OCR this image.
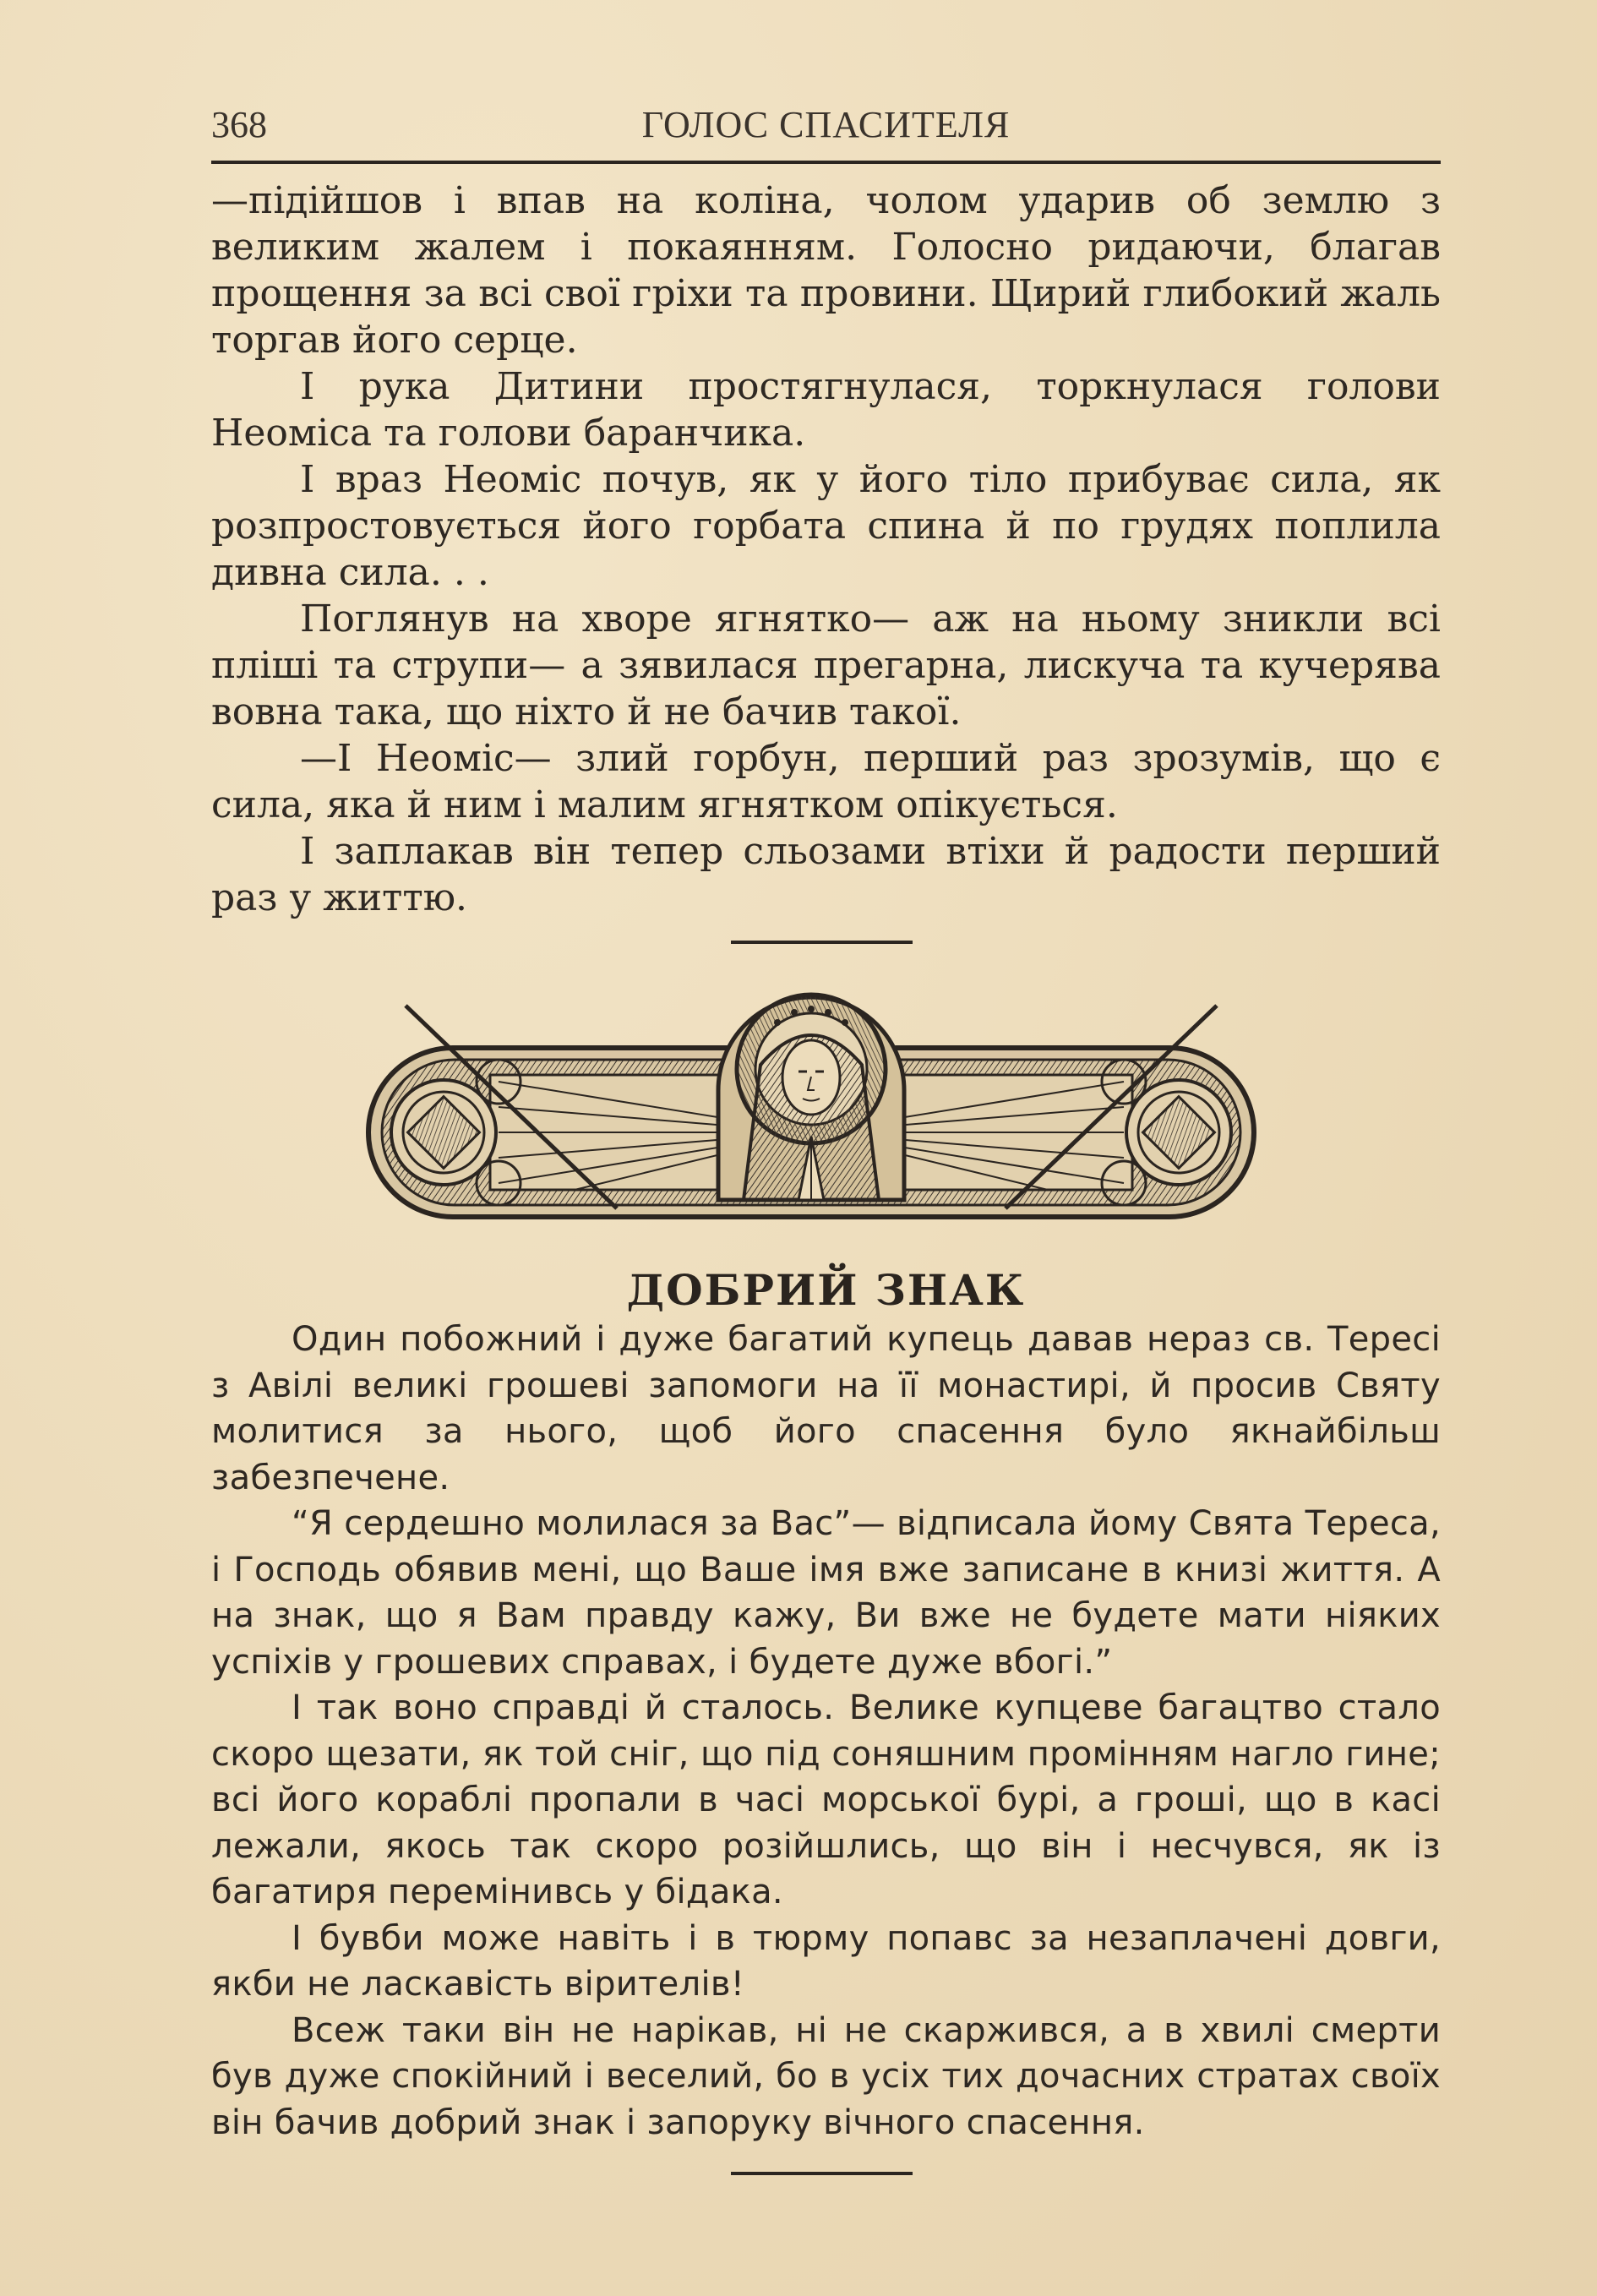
368	ГОЛОС СПАСИТЕЛЯ

—підійшов і впав на коліна, чолом ударив об землю з великим жалем і покаянням. Голосно ридаючи, благав прощення за всі свої гріхи та провини. Щирий глибокий жаль торгав його серце.

І рука Дитини простягнулася, торкнулася голови Неоміса та голови баранчика.

І враз Неоміс почув, як у його тіло прибуває сила, як розпростовується його горбата спина й по грудях поплила дивна сила. . .

Поглянув на хворе ягнятко— аж на ньому зникли всі пліші та струпи— а зявилася прегарна, лискуча та кучерява вовна така, що ніхто й не бачив такої.

—І Неоміс— злий горбун, перший раз зрозумів, що є сила, яка й ним і малим ягнятком опікується.

І заплакав він тепер сльозами втіхи й радости перший раз у життю.

ДОБРИЙ ЗНАК

Один побожний і дуже багатий купець давав нераз св. Тересі з Авілі великі грошеві запомоги на її монастирі, й просив Святу молитися за нього, щоб його спасення було якнайбільш забезпечене.

“Я сердешно молилася за Вас”— відписала йому Свята Тереса, і Господь обявив мені, що Ваше імя вже записане в книзі життя. А на знак, що я Вам правду кажу, Ви вже не будете мати ніяких успіхів у грошевих справах, і будете дуже вбогі.”

І так воно справді й сталось. Велике купцеве багацтво стало скоро щезати, як той сніг, що під соняшним промінням нагло гине; всі його кораблі пропали в часі морської бурі, а гроші, що в касі лежали, якось так скоро розійшлись, що він і несчувся, як із багатиря перемінивсь у бідака.

І бувби може навіть і в тюрму попавс за незаплачені довги, якби не ласкавість вірителів!

Всеж таки він не нарікав, ні не скаржився, а в хвилі смерти був дуже спокійний і веселий, бо в усіх тих дочасних стратах своїх він бачив добрий знак і запоруку вічного спасення.
